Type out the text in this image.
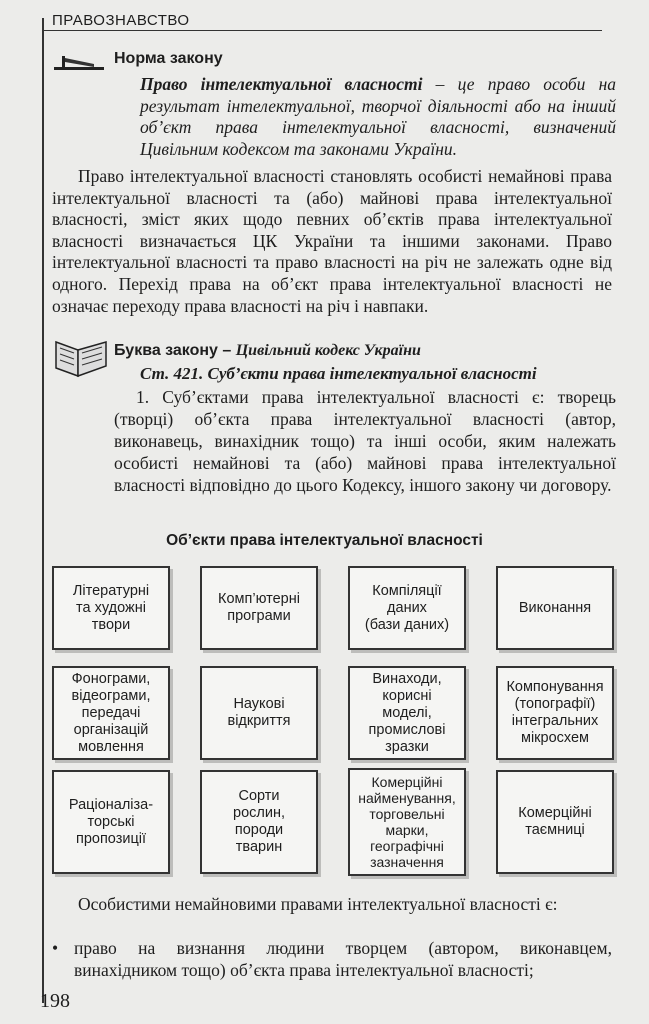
ПРАВОЗНАВСТВО
Норма закону
Право інтелектуальної власності – це право особи на результат інтелектуальної, творчої діяльності або на інший об’єкт права інтелектуальної власності, визначений Цивільним кодексом та законами України.
Право інтелектуальної власності становлять особисті немайнові права інтелектуальної власності та (або) майнові права інтелектуальної власності, зміст яких щодо певних об’єктів права інтелектуальної власності визначається ЦК України та іншими законами. Право інтелектуальної власності та право власності на річ не залежать одне від одного. Перехід права на об’єкт права інтелектуальної власності не означає переходу права власності на річ і навпаки.
Буква закону – Цивільний кодекс України
Ст. 421. Суб’єкти права інтелектуальної власності
1. Суб’єктами права інтелектуальної власності є: творець (творці) об’єкта права інтелектуальної власності (автор, виконавець, винахідник тощо) та інші особи, яким належать особисті немайнові та (або) майнові права інтелектуальної власності відповідно до цього Кодексу, іншого закону чи договору.
Об’єкти права інтелектуальної власності
Літературні
та художні
твори
Комп’ютерні
програми
Компіляції
даних
(бази даних)
Виконання
Фонограми,
відеограми,
передачі
організацій
мовлення
Наукові
відкриття
Винаходи,
корисні
моделі,
промислові
зразки
Компонування
(топографії)
інтегральних
мікросхем
Раціоналіза-
торські
пропозиції
Сорти
рослин,
породи
тварин
Комерційні
найменування,
торговельні
марки,
географічні
зазначення
Комерційні
таємниці
Особистими немайновими правами інтелектуальної власності є:
• право на визнання людини творцем (автором, виконавцем, винахідником тощо) об’єкта права інтелектуальної власності;
198
